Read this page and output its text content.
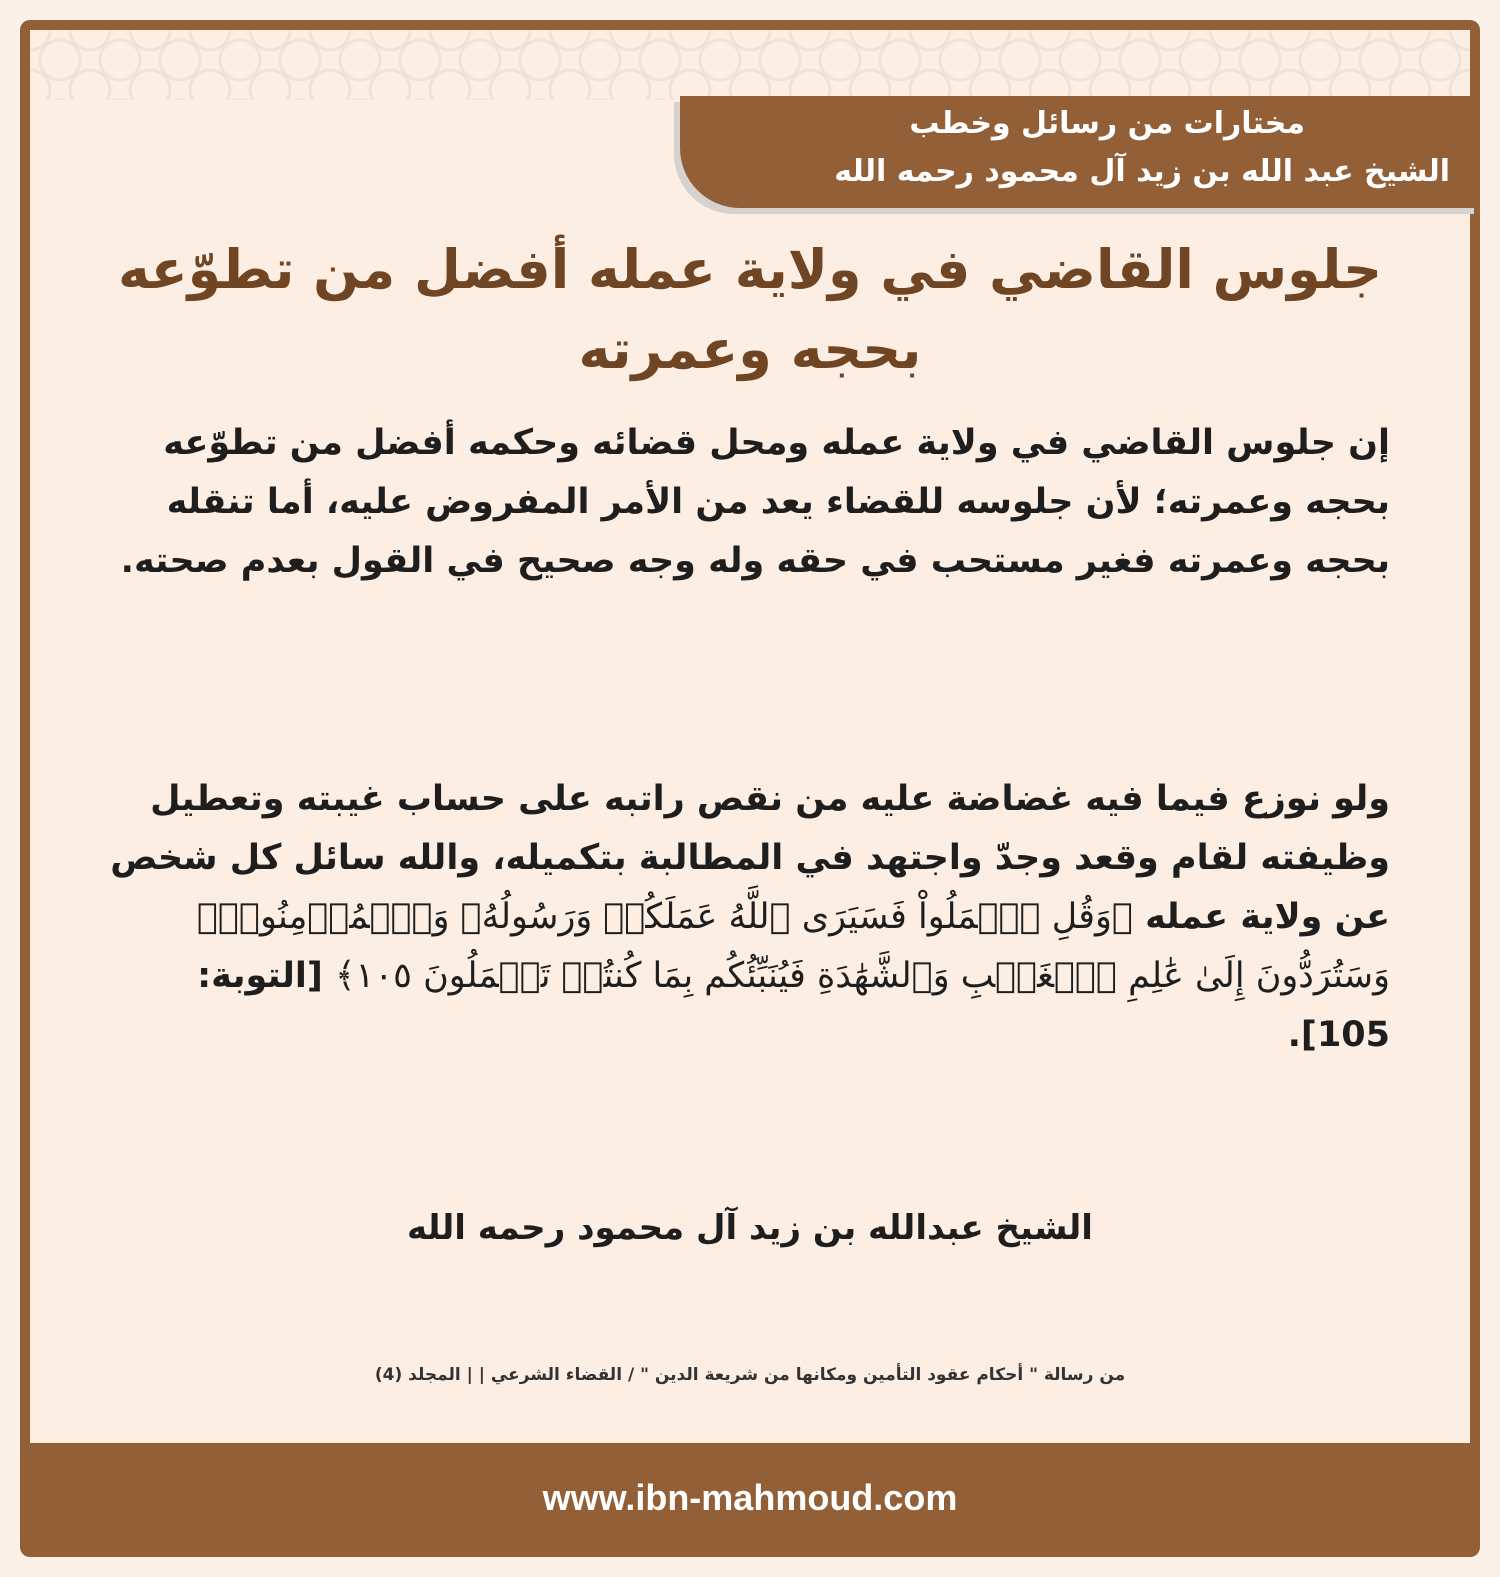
مختارات من رسائل وخطب
الشيخ عبد الله بن زيد آل محمود رحمه الله
جلوس القاضي في ولاية عمله أفضل من تطوّعه بحجه وعمرته
إن جلوس القاضي في ولاية عمله ومحل قضائه وحكمه أفضل من تطوّعه بحجه وعمرته؛ لأن جلوسه للقضاء يعد من الأمر المفروض عليه، أما تنقله بحجه وعمرته فغير مستحب في حقه وله وجه صحيح في القول بعدم صحته.
ولو نوزع فيما فيه غضاضة عليه من نقص راتبه على حساب غيبته وتعطيل وظيفته لقام وقعد وجدّ واجتهد في المطالبة بتكميله، والله سائل كل شخص عن ولاية عمله ﴿وَقُلِ ٱعۡمَلُواْ فَسَيَرَى ٱللَّهُ عَمَلَكُمۡ وَرَسُولُهُۥ وَٱلۡمُؤۡمِنُونَۖ وَسَتُرَدُّونَ إِلَىٰ عَٰلِمِ ٱلۡغَيۡبِ وَٱلشَّهَٰدَةِ فَيُنَبِّئُكُم بِمَا كُنتُمۡ تَعۡمَلُونَ ١٠٥﴾ [التوبة: 105].
الشيخ عبدالله بن زيد آل محمود رحمه الله
من رسالة " أحكام عقود التأمين ومكانها من شريعة الدين " / القضاء الشرعي | | المجلد (4)
www.ibn-mahmoud.com
